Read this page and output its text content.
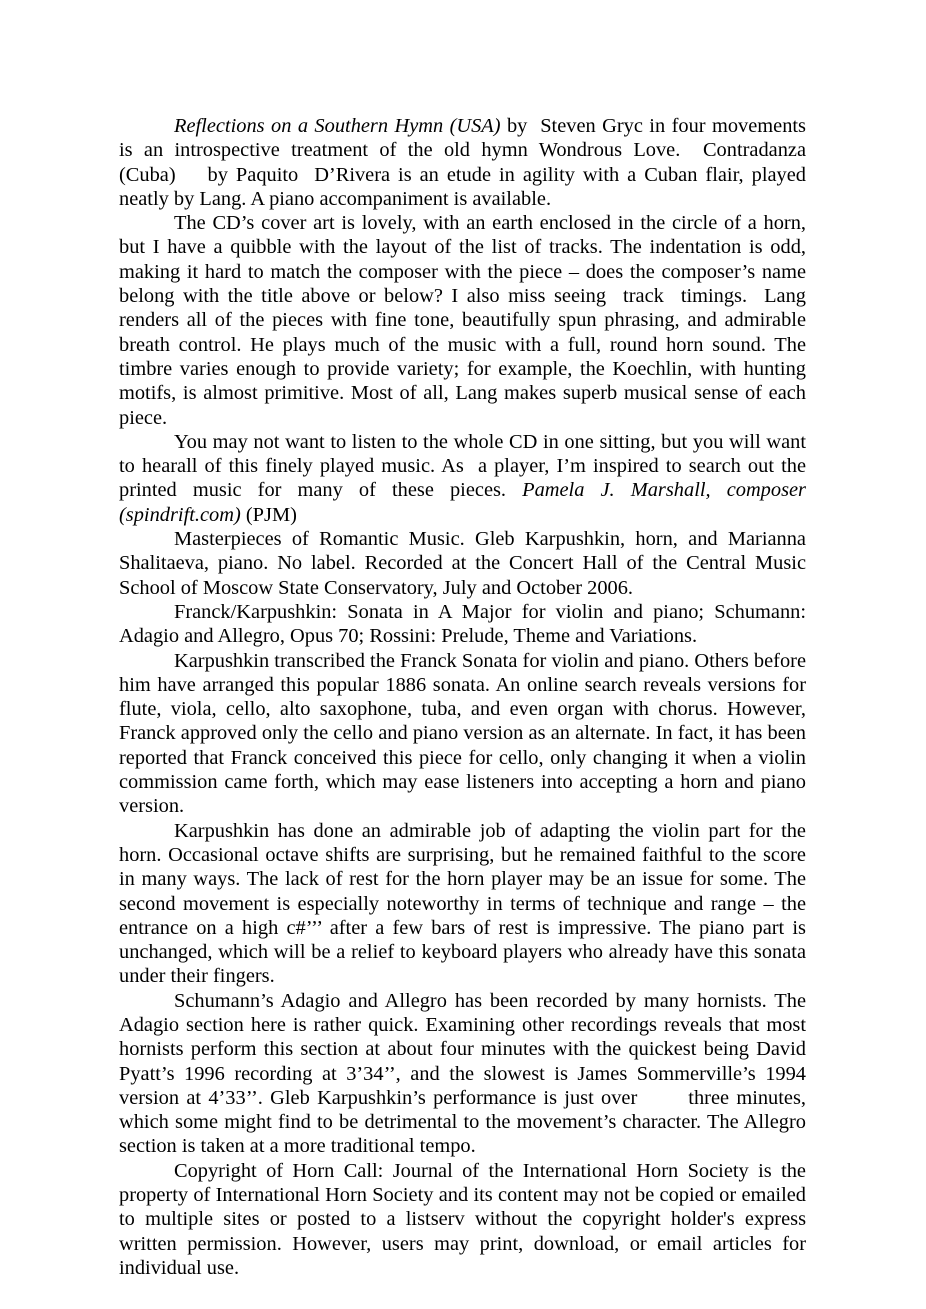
Reflections on a Southern Hymn (USA) by  Steven Gryc in four movements is an introspective treatment of the old hymn Wondrous Love.  Contradanza    (Cuba)    by Paquito  D’Rivera is an etude in agility with a Cuban flair, played neatly by Lang. A piano accompaniment is available.

The CD’s cover art is lovely, with an earth enclosed in the circle of a horn, but I have a quibble with the layout of the list of tracks. The indentation is odd, making it hard to match the composer with the piece – does the composer’s name belong with the title above or below? I also miss seeing  track  timings.  Lang renders all of the pieces with fine tone, beautifully spun phrasing, and admirable breath control. He plays much of the music with a full, round horn sound. The timbre varies enough to provide variety; for example, the Koechlin, with hunting motifs, is almost primitive. Most of all, Lang makes superb musical sense of each piece.

You may not want to listen to the whole CD in one sitting, but you will want to hearall of this finely played music. As  a player, I’m inspired to search out the printed music for many of these pieces. Pamela J. Marshall, composer (spindrift.com) (PJM)

Masterpieces of Romantic Music. Gleb Karpushkin, horn, and Marianna Shalitaeva, piano. No label. Recorded at the Concert Hall of the Central Music School of Moscow State Conservatory, July and October 2006.

Franck/Karpushkin: Sonata in A Major for violin and piano; Schumann: Adagio and Allegro, Opus 70; Rossini: Prelude, Theme and Variations.

Karpushkin transcribed the Franck Sonata for violin and piano. Others before him have arranged this popular 1886 sonata. An online search reveals versions for flute, viola, cello, alto saxophone, tuba, and even organ with chorus. However, Franck approved only the cello and piano version as an alternate. In fact, it has been reported that Franck conceived this piece for cello, only changing it when a violin commission came forth, which may ease listeners into accepting a horn and piano version.

Karpushkin has done an admirable job of adapting the violin part for the horn. Occasional octave shifts are surprising, but he remained faithful to the score in many ways. The lack of rest for the horn player may be an issue for some. The second movement is especially noteworthy in terms of technique and range – the entrance on a high c#’’’ after a few bars of rest is impressive. The piano part is unchanged, which will be a relief to keyboard players who already have this sonata under their fingers.

Schumann’s Adagio and Allegro has been recorded by many hornists. The Adagio section here is rather quick. Examining other recordings reveals that most hornists perform this section at about four minutes with the quickest being David Pyatt’s 1996 recording at 3’34’’, and the slowest is James Sommerville’s 1994 version at 4’33’’. Gleb Karpushkin’s performance is just over       three minutes, which some might find to be detrimental to the movement’s character. The Allegro section is taken at a more traditional tempo.

Copyright of Horn Call: Journal of the International Horn Society is the property of International Horn Society and its content may not be copied or emailed to multiple sites or posted to a listserv without the copyright holder's express written permission. However, users may print, download, or email articles for individual use.
